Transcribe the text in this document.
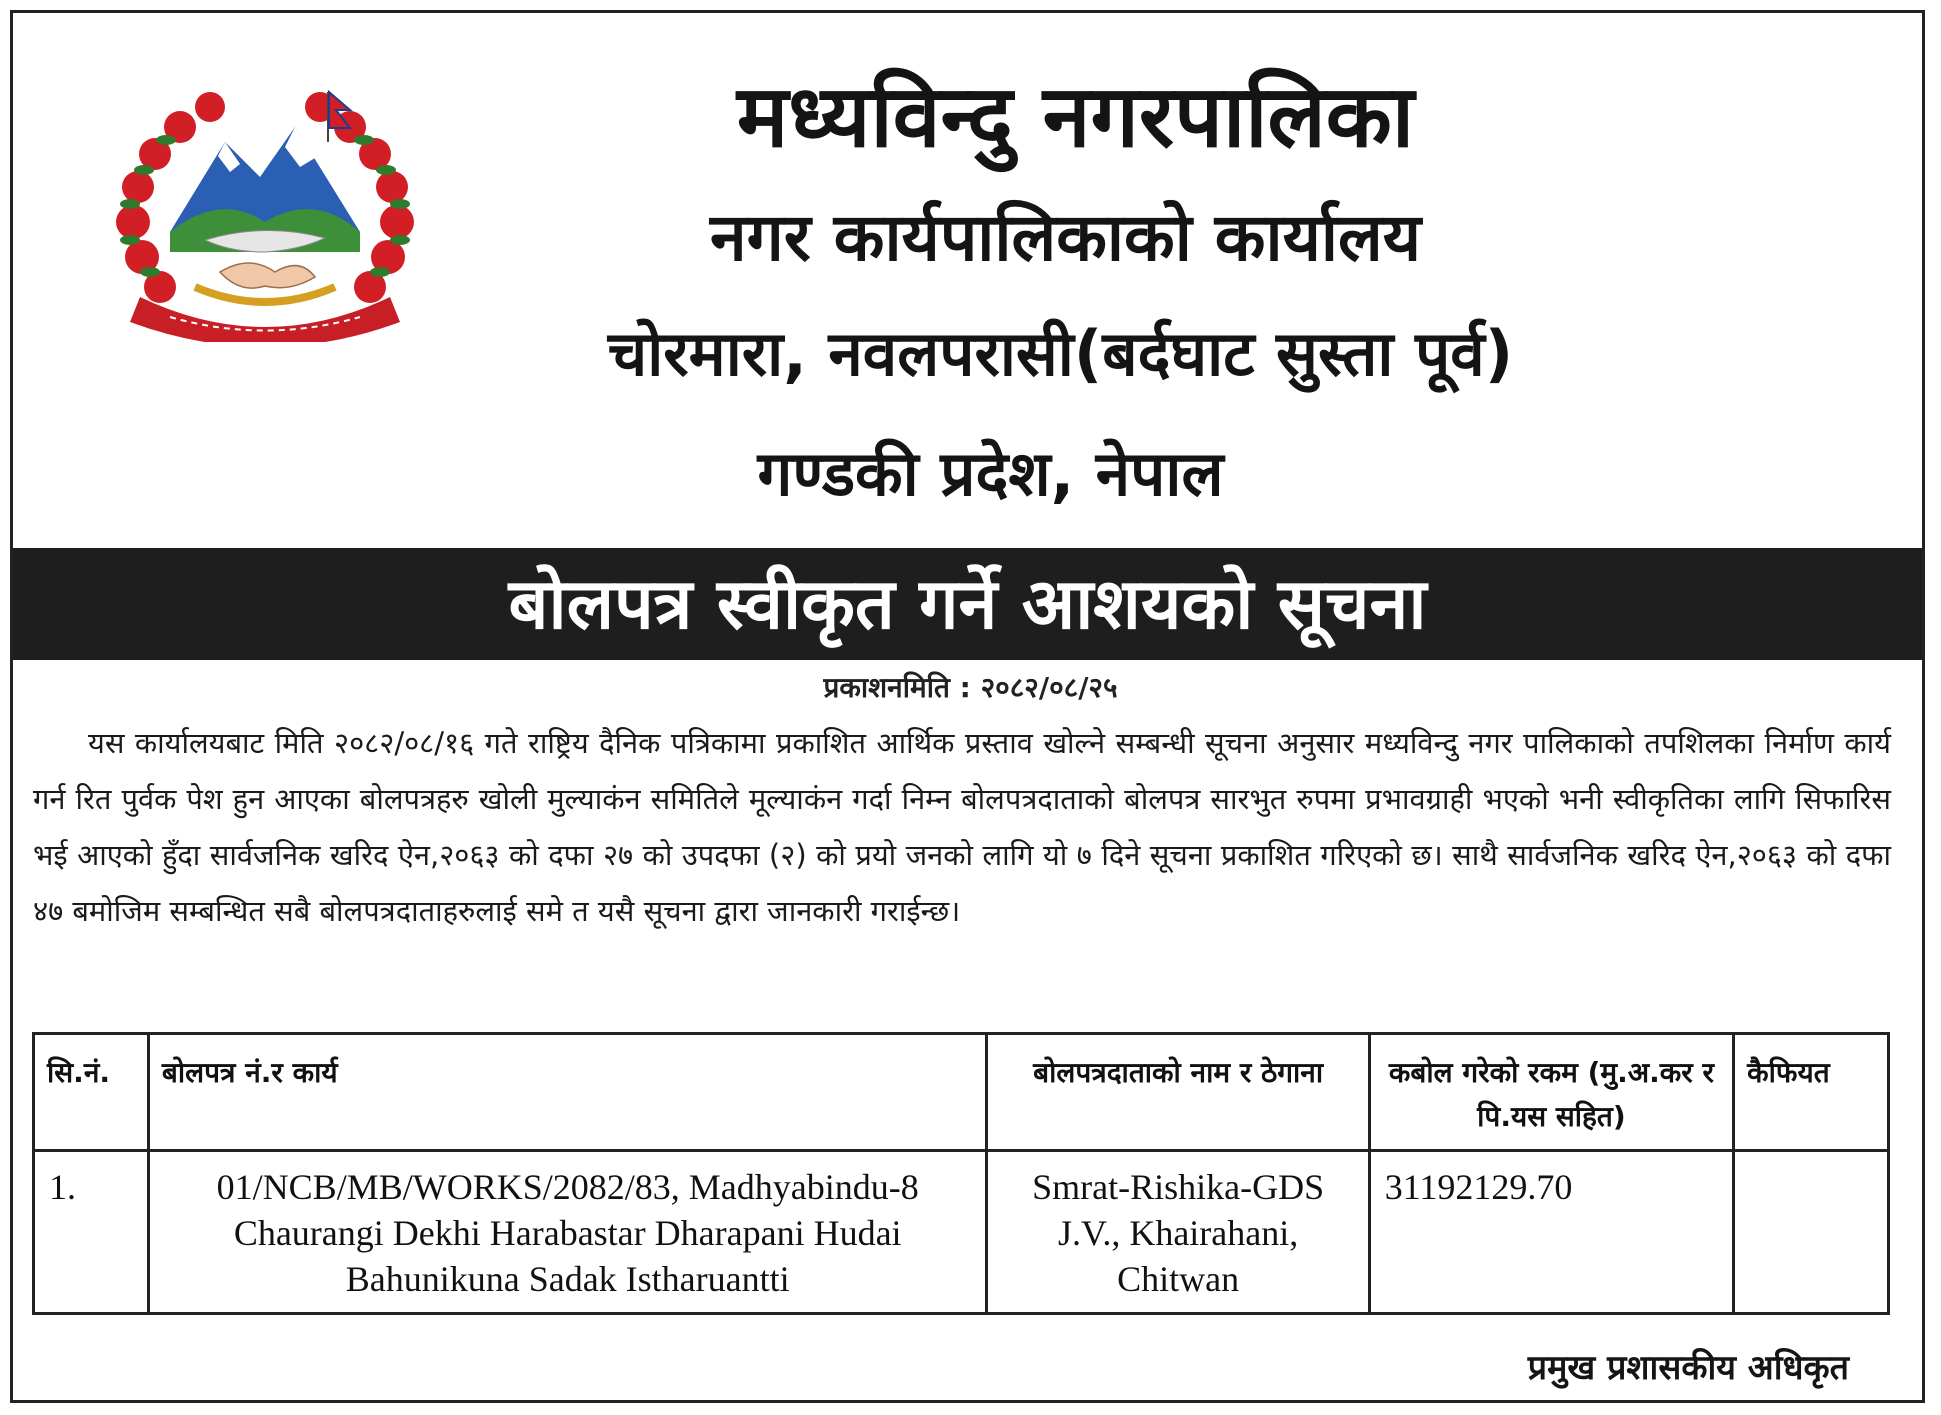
मध्यविन्दु नगरपालिका
नगर कार्यपालिकाको कार्यालय
चोरमारा, नवलपरासी(बर्दघाट सुस्ता पूर्व)
गण्डकी प्रदेश, नेपाल
बोलपत्र स्वीकृत गर्ने आशयको सूचना
प्रकाशनमिति : २०८२/०८/२५

यस कार्यालयबाट मिति २०८२/०८/१६ गते राष्ट्रिय दैनिक पत्रिकामा प्रकाशित आर्थिक प्रस्ताव खोल्ने सम्बन्धी सूचना अनुसार मध्यविन्दु नगर पालिकाको तपशिलका निर्माण कार्य गर्न रित पुर्वक पेश हुन आएका बोलपत्रहरु खोली मुल्याकंन समितिले मूल्याकंन गर्दा निम्न बोलपत्रदाताको बोलपत्र सारभुत रुपमा प्रभावग्राही भएको भनी स्वीकृतिका लागि सिफारिस भई आएको हुँदा सार्वजनिक खरिद ऐन,२०६३ को दफा २७ को उपदफा (२) को प्रयो जनको लागि यो ७ दिने सूचना प्रकाशित गरिएको छ। साथै सार्वजनिक खरिद ऐन,२०६३ को दफा ४७ बमोजिम सम्बन्धित सबै बोलपत्रदाताहरुलाई समे त यसै सूचना द्वारा जानकारी गराईन्छ।

सि.नं.	बोलपत्र नं.र कार्य	बोलपत्रदाताको नाम र ठेगाना	कबोल गरेको रकम (मु.अ.कर र पि.यस सहित)	कैफियत
1.	01/NCB/MB/WORKS/2082/83, Madhyabindu-8 Chaurangi Dekhi Harabastar Dharapani Hudai Bahunikuna Sadak Istharuantti	Smrat-Rishika-GDS J.V., Khairahani, Chitwan	31192129.70	
प्रमुख प्रशासकीय अधिकृत
